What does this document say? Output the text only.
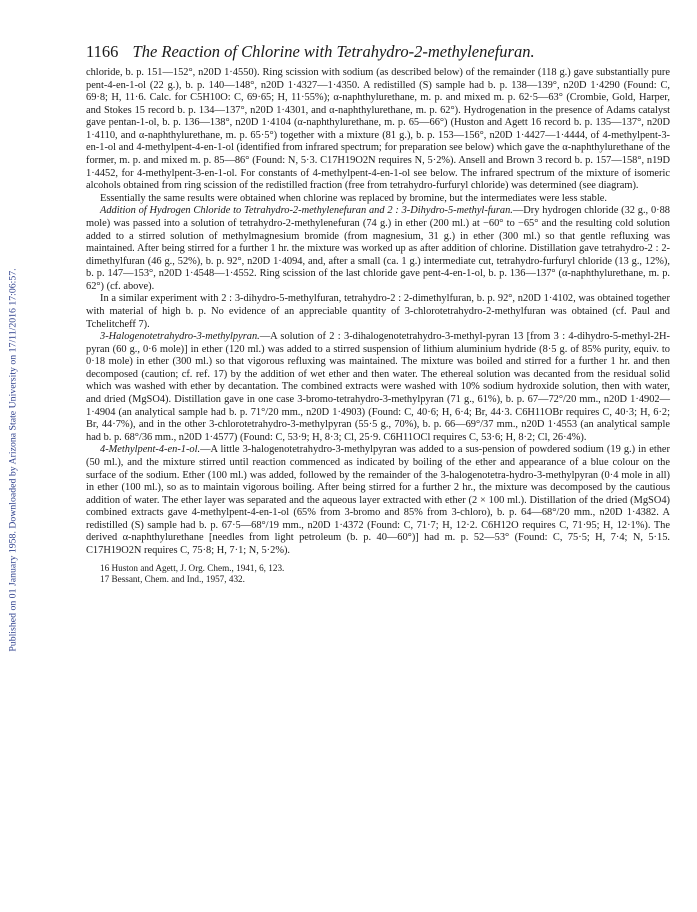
Published on 01 January 1958. Downloaded by Arizona State University on 17/11/2016 17:06:57.
1166 The Reaction of Chlorine with Tetrahydro-2-methylenefuran.

chloride, b. p. 151—152°, n20D 1·4550). Ring scission with sodium (as described below) of the remainder (118 g.) gave substantially pure pent-4-en-1-ol (22 g.), b. p. 140—148°, n20D 1·4327—1·4350. A redistilled (S) sample had b. p. 138—139°, n20D 1·4290 (Found: C, 69·8; H, 11·6. Calc. for C5H10O: C, 69·65; H, 11·55%); α-naphthylurethane, m. p. and mixed m. p. 62·5—63° (Crombie, Gold, Harper, and Stokes 15 record b. p. 134—137°, n20D 1·4301, and α-naphthylurethane, m. p. 62°). Hydrogenation in the presence of Adams catalyst gave pentan-1-ol, b. p. 136—138°, n20D 1·4104 (α-naphthylurethane, m. p. 65—66°) (Huston and Agett 16 record b. p. 135—137°, n20D 1·4110, and α-naphthylurethane, m. p. 65·5°) together with a mixture (81 g.), b. p. 153—156°, n20D 1·4427—1·4444, of 4-methylpent-3-en-1-ol and 4-methylpent-4-en-1-ol (identified from infrared spectrum; for preparation see below) which gave the α-naphthylurethane of the former, m. p. and mixed m. p. 85—86° (Found: N, 5·3. C17H19O2N requires N, 5·2%). Ansell and Brown 3 record b. p. 157—158°, n19D 1·4452, for 4-methylpent-3-en-1-ol. For constants of 4-methylpent-4-en-1-ol see below. The infrared spectrum of the mixture of isomeric alcohols obtained from ring scission of the redistilled fraction (free from tetrahydro-furfuryl chloride) was determined (see diagram).

Essentially the same results were obtained when chlorine was replaced by bromine, but the intermediates were less stable.

Addition of Hydrogen Chloride to Tetrahydro-2-methylenefuran and 2 : 3-Dihydro-5-methyl-furan.—Dry hydrogen chloride (32 g., 0·88 mole) was passed into a solution of tetrahydro-2-methylenefuran (74 g.) in ether (200 ml.) at −60° to −65° and the resulting cold solution added to a stirred solution of methylmagnesium bromide (from magnesium, 31 g.) in ether (300 ml.) so that gentle refluxing was maintained. After being stirred for a further 1 hr. the mixture was worked up as after addition of chlorine. Distillation gave tetrahydro-2 : 2-dimethylfuran (46 g., 52%), b. p. 92°, n20D 1·4094, and, after a small (ca. 1 g.) intermediate cut, tetrahydro-furfuryl chloride (13 g., 12%), b. p. 147—153°, n20D 1·4548—1·4552. Ring scission of the last chloride gave pent-4-en-1-ol, b. p. 136—137° (α-naphthylurethane, m. p. 62°) (cf. above).

In a similar experiment with 2 : 3-dihydro-5-methylfuran, tetrahydro-2 : 2-dimethylfuran, b. p. 92°, n20D 1·4102, was obtained together with material of high b. p. No evidence of an appreciable quantity of 3-chlorotetrahydro-2-methylfuran was obtained (cf. Paul and Tchelitcheff 7).

3-Halogenotetrahydro-3-methylpyran.—A solution of 2 : 3-dihalogenotetrahydro-3-methyl-pyran 13 [from 3 : 4-dihydro-5-methyl-2H-pyran (60 g., 0·6 mole)] in ether (120 ml.) was added to a stirred suspension of lithium aluminium hydride (8·5 g. of 85% purity, equiv. to 0·18 mole) in ether (300 ml.) so that vigorous refluxing was maintained. The mixture was boiled and stirred for a further 1 hr. and then decomposed (caution; cf. ref. 17) by the addition of wet ether and then water. The ethereal solution was decanted from the residual solid which was washed with ether by decantation. The combined extracts were washed with 10% sodium hydroxide solution, then with water, and dried (MgSO4). Distillation gave in one case 3-bromo-tetrahydro-3-methylpyran (71 g., 61%), b. p. 67—72°/20 mm., n20D 1·4902—1·4904 (an analytical sample had b. p. 71°/20 mm., n20D 1·4903) (Found: C, 40·6; H, 6·4; Br, 44·3. C6H11OBr requires C, 40·3; H, 6·2; Br, 44·7%), and in the other 3-chlorotetrahydro-3-methylpyran (55·5 g., 70%), b. p. 66—69°/37 mm., n20D 1·4553 (an analytical sample had b. p. 68°/36 mm., n20D 1·4577) (Found: C, 53·9; H, 8·3; Cl, 25·9. C6H11OCl requires C, 53·6; H, 8·2; Cl, 26·4%).

4-Methylpent-4-en-1-ol.—A little 3-halogenotetrahydro-3-methylpyran was added to a sus-pension of powdered sodium (19 g.) in ether (50 ml.), and the mixture stirred until reaction commenced as indicated by boiling of the ether and appearance of a blue colour on the surface of the sodium. Ether (100 ml.) was added, followed by the remainder of the 3-halogenotetra-hydro-3-methylpyran (0·4 mole in all) in ether (100 ml.), so as to maintain vigorous boiling. After being stirred for a further 2 hr., the mixture was decomposed by the cautious addition of water. The ether layer was separated and the aqueous layer extracted with ether (2 × 100 ml.). Distillation of the dried (MgSO4) combined extracts gave 4-methylpent-4-en-1-ol (65% from 3-bromo and 85% from 3-chloro), b. p. 64—68°/20 mm., n20D 1·4382. A redistilled (S) sample had b. p. 67·5—68°/19 mm., n20D 1·4372 (Found: C, 71·7; H, 12·2. C6H12O requires C, 71·95; H, 12·1%). The derived α-naphthylurethane [needles from light petroleum (b. p. 40—60°)] had m. p. 52—53° (Found: C, 75·5; H, 7·4; N, 5·15. C17H19O2N requires C, 75·8; H, 7·1; N, 5·2%).

16 Huston and Agett, J. Org. Chem., 1941, 6, 123.

17 Bessant, Chem. and Ind., 1957, 432.
